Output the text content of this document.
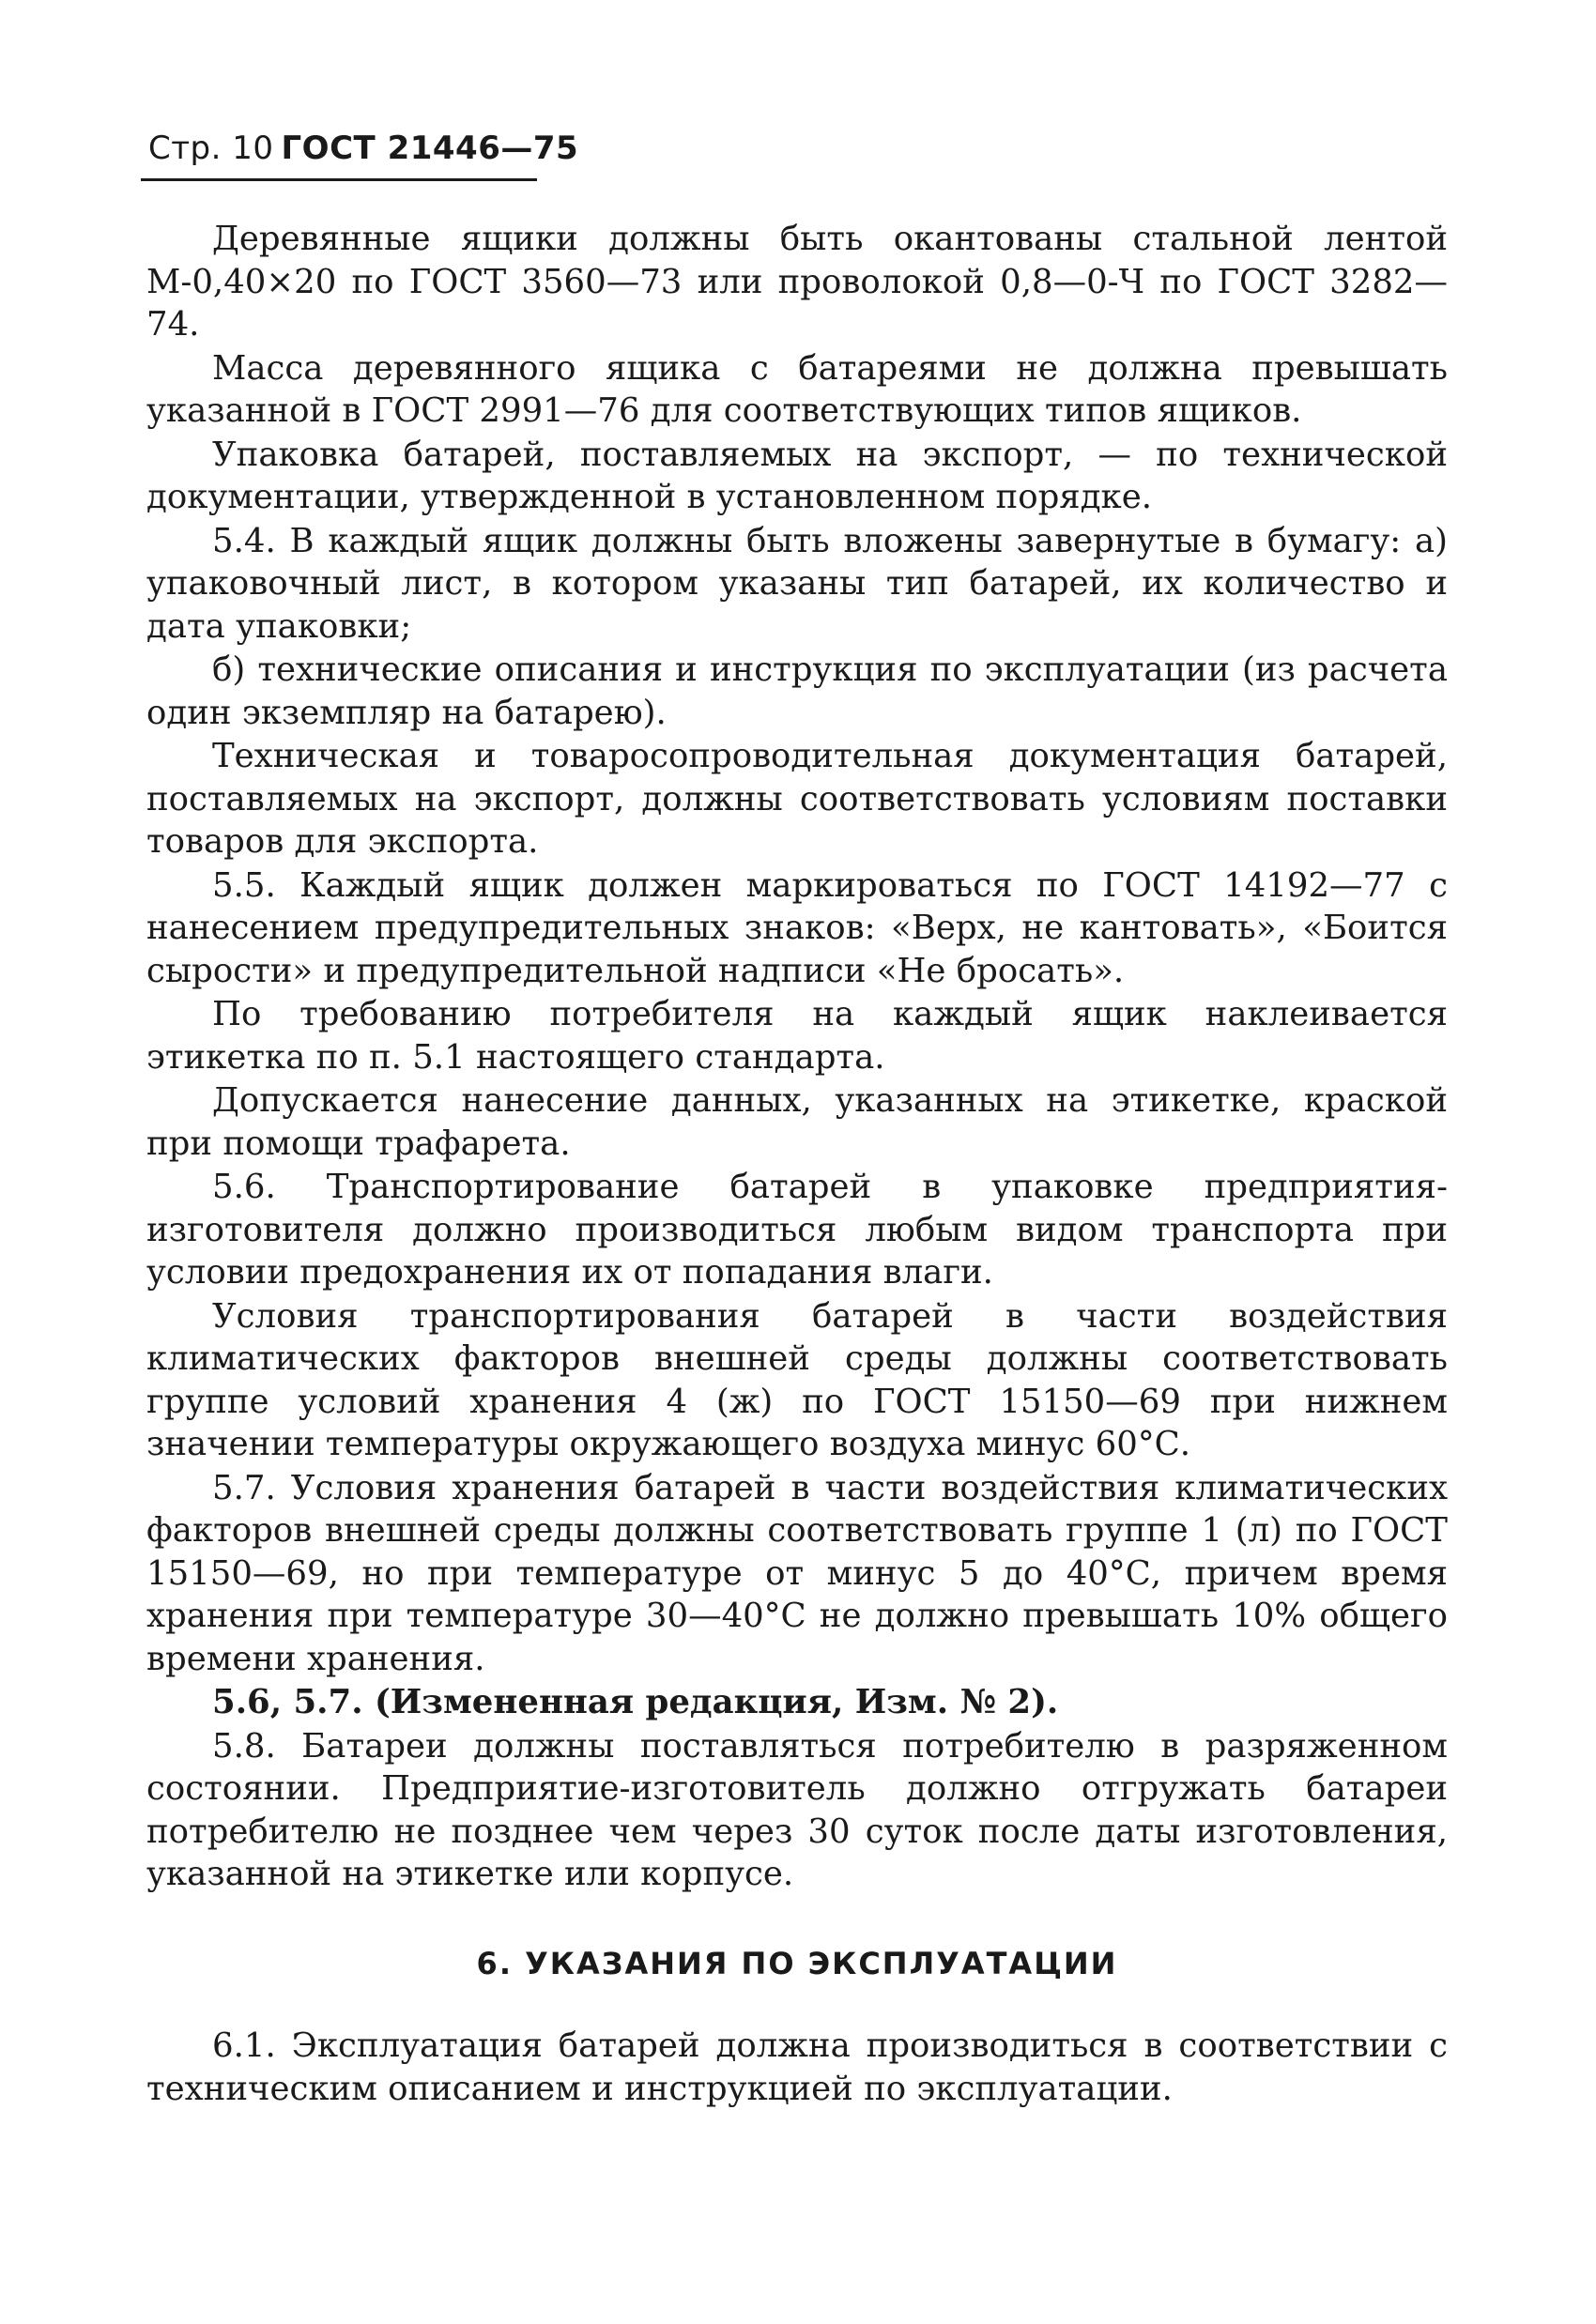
Стр. 10 ГОСТ 21446—75

Деревянные ящики должны быть окантованы стальной лентой М-0,40×20 по ГОСТ 3560—73 или проволокой 0,8—0-Ч по ГОСТ 3282—74.

Масса деревянного ящика с батареями не должна превышать указанной в ГОСТ 2991—76 для соответствующих типов ящиков.

Упаковка батарей, поставляемых на экспорт, — по технической документации, утвержденной в установленном порядке.

5.4. В каждый ящик должны быть вложены завернутые в бумагу: а) упаковочный лист, в котором указаны тип батарей, их количество и дата упаковки;

б) технические описания и инструкция по эксплуатации (из расчета один экземпляр на батарею).

Техническая и товаросопроводительная документация батарей, поставляемых на экспорт, должны соответствовать условиям поставки товаров для экспорта.

5.5. Каждый ящик должен маркироваться по ГОСТ 14192—77 с нанесением предупредительных знаков: «Верх, не кантовать», «Боится сырости» и предупредительной надписи «Не бросать».

По требованию потребителя на каждый ящик наклеивается этикетка по п. 5.1 настоящего стандарта.

Допускается нанесение данных, указанных на этикетке, краской при помощи трафарета.

5.6. Транспортирование батарей в упаковке предприятия-изготовителя должно производиться любым видом транспорта при условии предохранения их от попадания влаги.

Условия транспортирования батарей в части воздействия климатических факторов внешней среды должны соответствовать группе условий хранения 4 (ж) по ГОСТ 15150—69 при нижнем значении температуры окружающего воздуха минус 60°С.

5.7. Условия хранения батарей в части воздействия климатических факторов внешней среды должны соответствовать группе 1 (л) по ГОСТ 15150—69, но при температуре от минус 5 до 40°С, причем время хранения при температуре 30—40°С не должно превышать 10% общего времени хранения.

5.6, 5.7. (Измененная редакция, Изм. № 2).

5.8. Батареи должны поставляться потребителю в разряженном состоянии. Предприятие-изготовитель должно отгружать батареи потребителю не позднее чем через 30 суток после даты изготовления, указанной на этикетке или корпусе.

6. УКАЗАНИЯ ПО ЭКСПЛУАТАЦИИ

6.1. Эксплуатация батарей должна производиться в соответствии с техническим описанием и инструкцией по эксплуатации.
